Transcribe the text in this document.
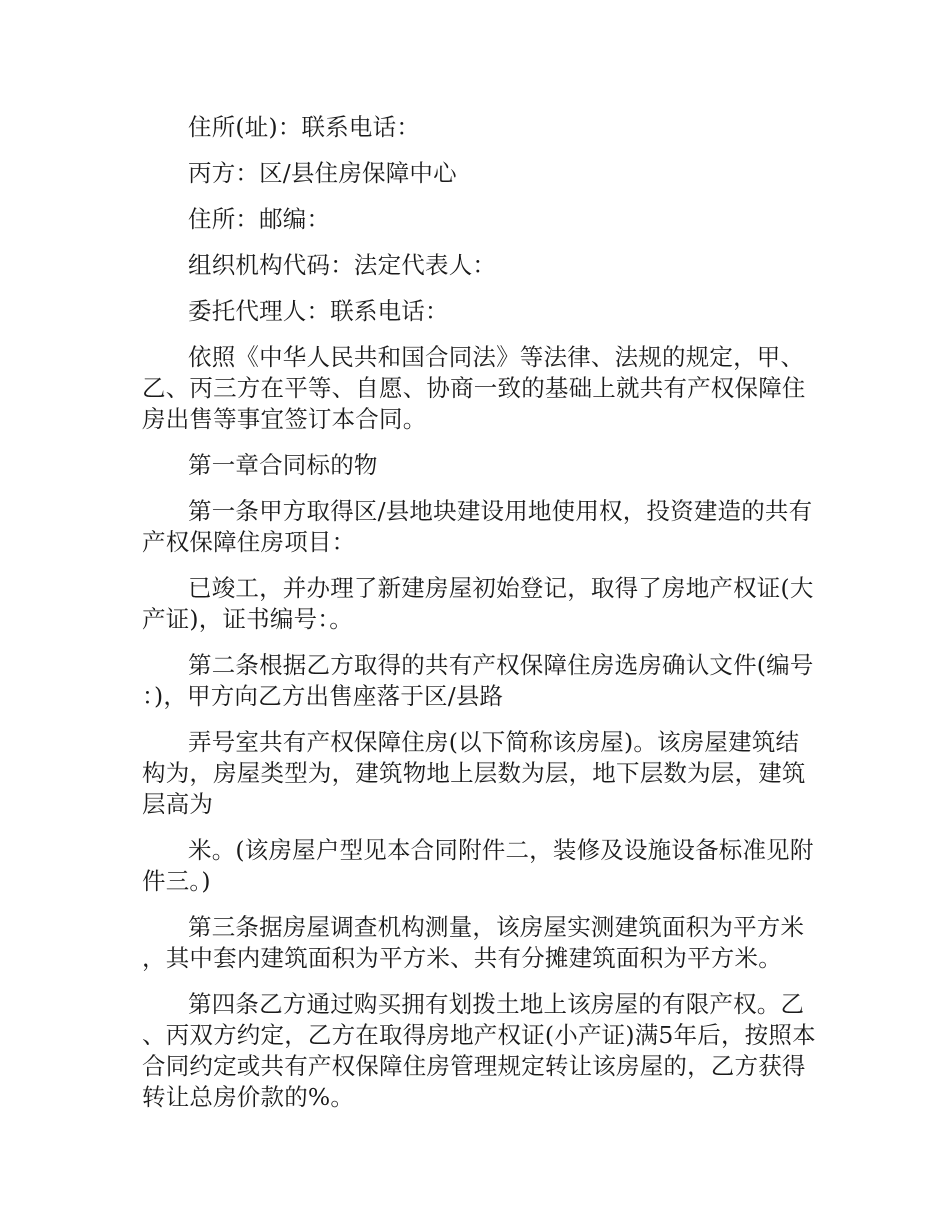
住所(址)：联系电话：

丙方：区/县住房保障中心

住所：邮编：

组织机构代码：法定代表人：

委托代理人：联系电话：

依照《中华人民共和国合同法》等法律、法规的规定，甲、乙、丙三方在平等、自愿、协商一致的基础上就共有产权保障住房出售等事宜签订本合同。

第一章合同标的物

第一条甲方取得区/县地块建设用地使用权，投资建造的共有产权保障住房项目：

已竣工，并办理了新建房屋初始登记，取得了房地产权证(大产证)，证书编号：。

第二条根据乙方取得的共有产权保障住房选房确认文件(编号：)，甲方向乙方出售座落于区/县路

弄号室共有产权保障住房(以下简称该房屋)。该房屋建筑结构为，房屋类型为，建筑物地上层数为层，地下层数为层，建筑层高为

米。(该房屋户型见本合同附件二，装修及设施设备标准见附件三。)

第三条据房屋调查机构测量，该房屋实测建筑面积为平方米，其中套内建筑面积为平方米、共有分摊建筑面积为平方米。

第四条乙方通过购买拥有划拨土地上该房屋的有限产权。乙、丙双方约定，乙方在取得房地产权证(小产证)满5年后，按照本合同约定或共有产权保障住房管理规定转让该房屋的，乙方获得转让总房价款的%。
